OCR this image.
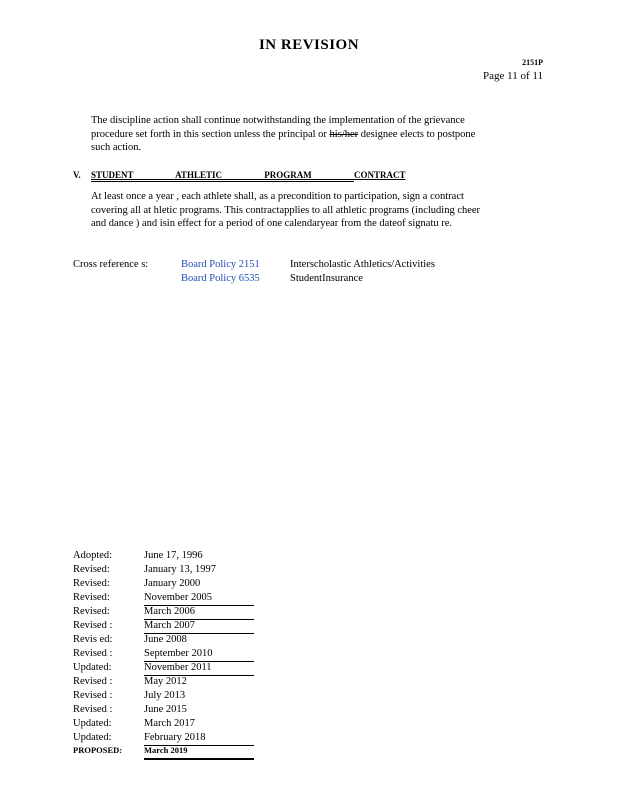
IN REVISION
2151P
Page 11 of 11
The discipline action shall continue notwithstanding the implementation of the grievance
procedure set forth in this section unless the principal or his/her designee elects to postpone
such action.
V. STUDENT ATHLETIC PROGRAM CONTRACT
At least once a year , each athlete shall, as a precondition to participation, sign a contract
covering all at hletic programs. This contractapplies to all athletic programs (including cheer
and dance ) and isin effect for a period of one calendaryear from the dateof signatu re.
Cross reference s:	Board Policy 2151	Interscholastic Athletics/Activities
Board Policy 6535	StudentInsurance
Adopted:	June 17, 1996
Revised:	January 13, 1997
Revised:	January 2000
Revised:	November 2005
Revised:	March 2006
Revised :	March 2007
Revis ed:	June 2008
Revised :	September 2010
Updated:	November 2011
Revised :	May 2012
Revised :	July 2013
Revised :	June 2015
Updated:	March 2017
Updated:	February 2018
PROPOSED:	March 2019
